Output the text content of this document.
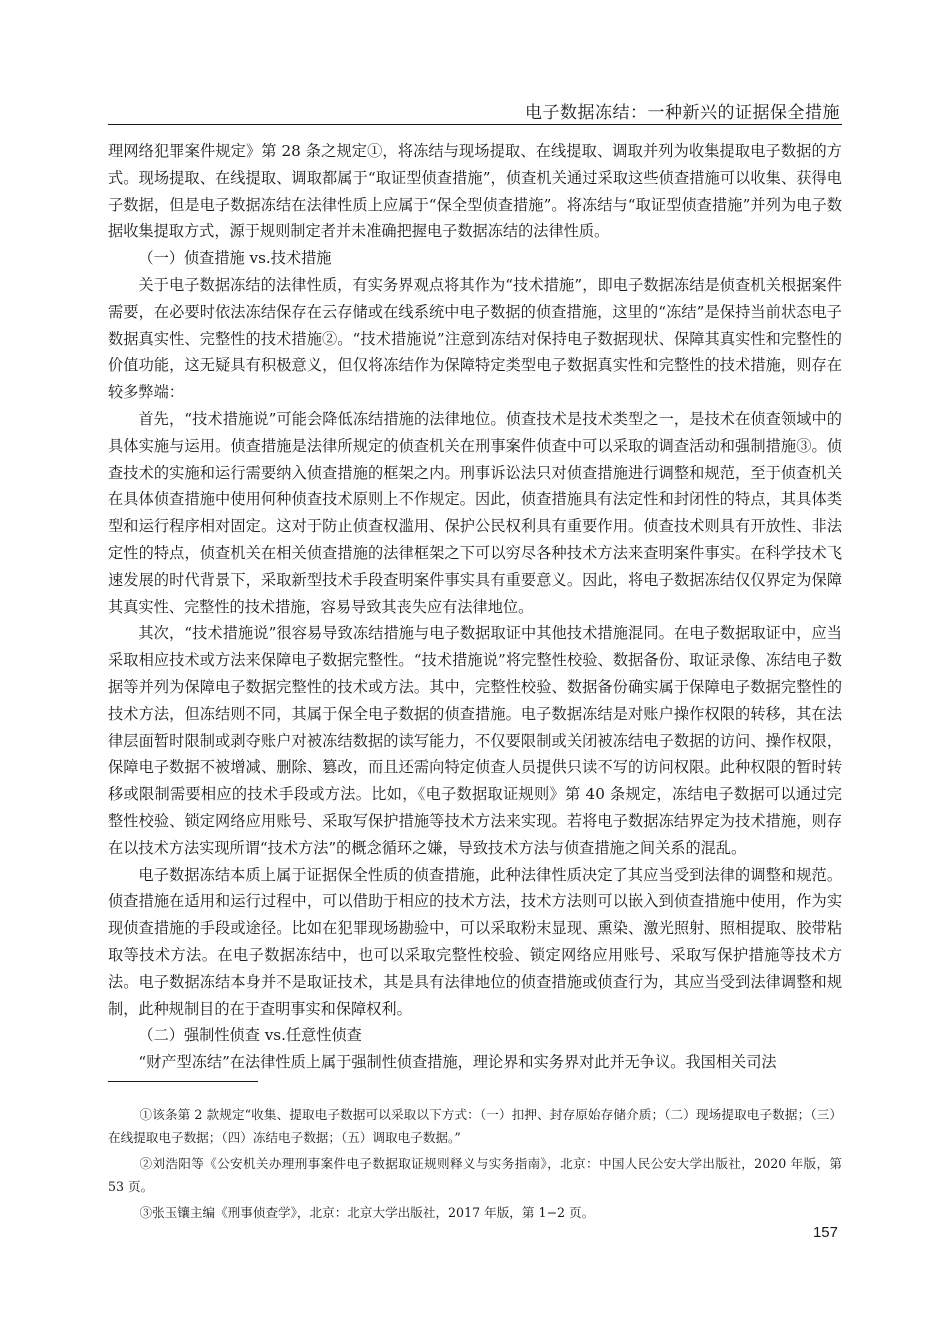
电子数据冻结：一种新兴的证据保全措施

理网络犯罪案件规定》第 28 条之规定①，将冻结与现场提取、在线提取、调取并列为收集提取电子数据的方式。现场提取、在线提取、调取都属于“取证型侦查措施”，侦查机关通过采取这些侦查措施可以收集、获得电子数据，但是电子数据冻结在法律性质上应属于“保全型侦查措施”。将冻结与“取证型侦查措施”并列为电子数据收集提取方式，源于规则制定者并未准确把握电子数据冻结的法律性质。

（一）侦查措施 vs.技术措施

关于电子数据冻结的法律性质，有实务界观点将其作为“技术措施”，即电子数据冻结是侦查机关根据案件需要，在必要时依法冻结保存在云存储或在线系统中电子数据的侦查措施，这里的“冻结”是保持当前状态电子数据真实性、完整性的技术措施②。“技术措施说”注意到冻结对保持电子数据现状、保障其真实性和完整性的价值功能，这无疑具有积极意义，但仅将冻结作为保障特定类型电子数据真实性和完整性的技术措施，则存在较多弊端：

首先，“技术措施说”可能会降低冻结措施的法律地位。侦查技术是技术类型之一，是技术在侦查领域中的具体实施与运用。侦查措施是法律所规定的侦查机关在刑事案件侦查中可以采取的调查活动和强制措施③。侦查技术的实施和运行需要纳入侦查措施的框架之内。刑事诉讼法只对侦查措施进行调整和规范，至于侦查机关在具体侦查措施中使用何种侦查技术原则上不作规定。因此，侦查措施具有法定性和封闭性的特点，其具体类型和运行程序相对固定。这对于防止侦查权滥用、保护公民权利具有重要作用。侦查技术则具有开放性、非法定性的特点，侦查机关在相关侦查措施的法律框架之下可以穷尽各种技术方法来查明案件事实。在科学技术飞速发展的时代背景下，采取新型技术手段查明案件事实具有重要意义。因此，将电子数据冻结仅仅界定为保障其真实性、完整性的技术措施，容易导致其丧失应有法律地位。

其次，“技术措施说”很容易导致冻结措施与电子数据取证中其他技术措施混同。在电子数据取证中，应当采取相应技术或方法来保障电子数据完整性。“技术措施说”将完整性校验、数据备份、取证录像、冻结电子数据等并列为保障电子数据完整性的技术或方法。其中，完整性校验、数据备份确实属于保障电子数据完整性的技术方法，但冻结则不同，其属于保全电子数据的侦查措施。电子数据冻结是对账户操作权限的转移，其在法律层面暂时限制或剥夺账户对被冻结数据的读写能力，不仅要限制或关闭被冻结电子数据的访问、操作权限，保障电子数据不被增减、删除、篡改，而且还需向特定侦查人员提供只读不写的访问权限。此种权限的暂时转移或限制需要相应的技术手段或方法。比如，《电子数据取证规则》第 40 条规定，冻结电子数据可以通过完整性校验、锁定网络应用账号、采取写保护措施等技术方法来实现。若将电子数据冻结界定为技术措施，则存在以技术方法实现所谓“技术方法”的概念循环之嫌，导致技术方法与侦查措施之间关系的混乱。

电子数据冻结本质上属于证据保全性质的侦查措施，此种法律性质决定了其应当受到法律的调整和规范。侦查措施在适用和运行过程中，可以借助于相应的技术方法，技术方法则可以嵌入到侦查措施中使用，作为实现侦查措施的手段或途径。比如在犯罪现场勘验中，可以采取粉末显现、熏染、激光照射、照相提取、胶带粘取等技术方法。在电子数据冻结中，也可以采取完整性校验、锁定网络应用账号、采取写保护措施等技术方法。电子数据冻结本身并不是取证技术，其是具有法律地位的侦查措施或侦查行为，其应当受到法律调整和规制，此种规制目的在于查明事实和保障权利。

（二）强制性侦查 vs.任意性侦查

“财产型冻结”在法律性质上属于强制性侦查措施，理论界和实务界对此并无争议。我国相关司法

①该条第 2 款规定“收集、提取电子数据可以采取以下方式：（一）扣押、封存原始存储介质；（二）现场提取电子数据；（三）在线提取电子数据；（四）冻结电子数据；（五）调取电子数据。”

②刘浩阳等《公安机关办理刑事案件电子数据取证规则释义与实务指南》，北京：中国人民公安大学出版社，2020 年版，第 53 页。

③张玉镶主编《刑事侦查学》，北京：北京大学出版社，2017 年版，第 1−2 页。

157
